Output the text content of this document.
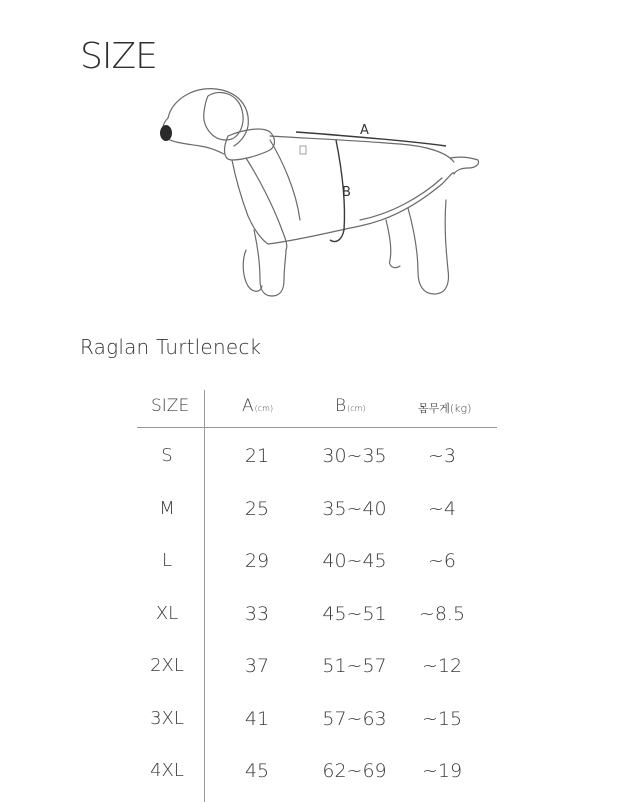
SIZE
A
B
Raglan Turtleneck
SIZE	A(cm)	B(cm)	몸무게(kg)
S	21	30~35	~3
M	25	35~40	~4
L	29	40~45	~6
XL	33	45~51	~8.5
2XL	37	51~57	~12
3XL	41	57~63	~15
4XL	45	62~69	~19
